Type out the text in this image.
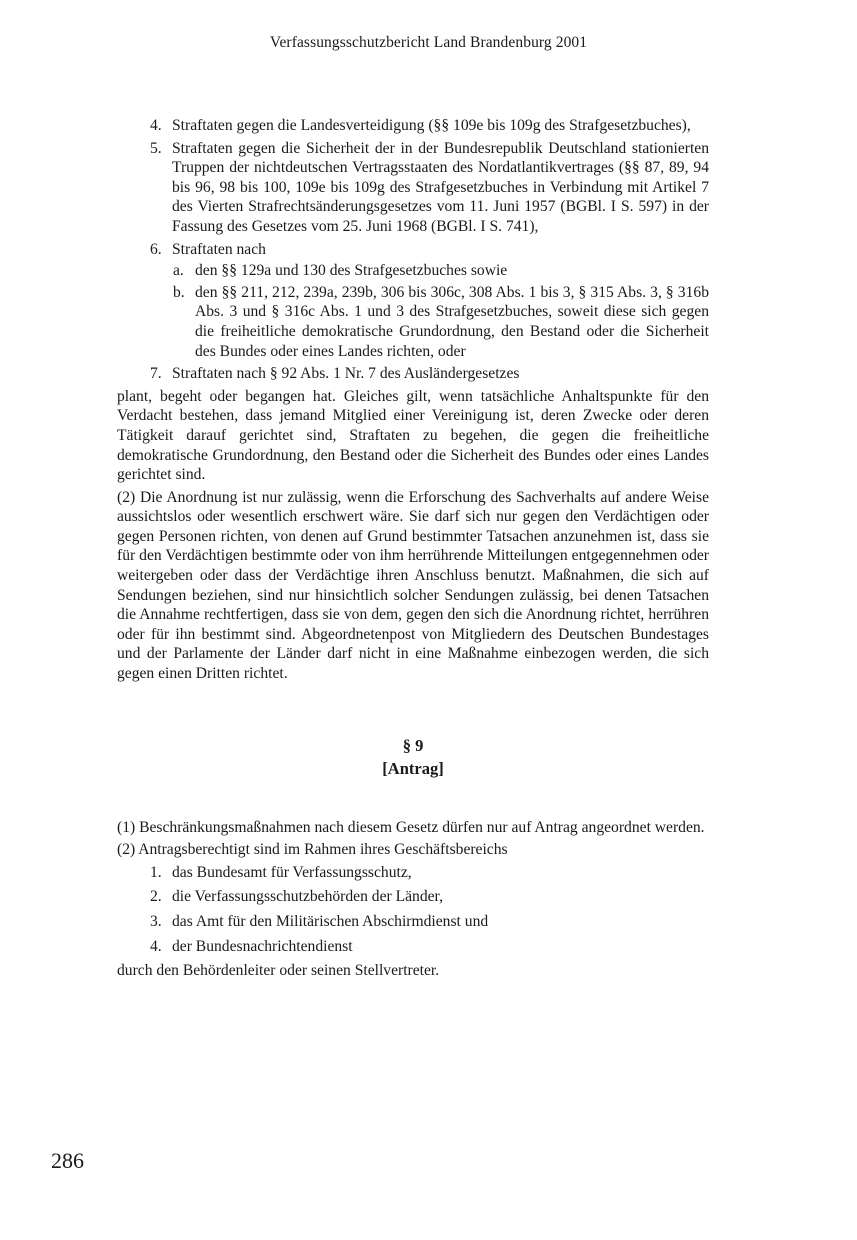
Verfassungsschutzbericht Land Brandenburg 2001
4. Straftaten gegen die Landesverteidigung (§§ 109e bis 109g des Strafgesetzbuches),
5. Straftaten gegen die Sicherheit der in der Bundesrepublik Deutschland stationierten Truppen der nichtdeutschen Vertragsstaaten des Nordatlantikvertrages (§§ 87, 89, 94 bis 96, 98 bis 100, 109e bis 109g des Strafgesetzbuches in Verbindung mit Artikel 7 des Vierten Strafrechtsänderungsgesetzes vom 11. Juni 1957 (BGBl. I S. 597) in der Fassung des Gesetzes vom 25. Juni 1968 (BGBl. I S. 741),
6. Straftaten nach
a. den §§ 129a und 130 des Strafgesetzbuches sowie
b. den §§ 211, 212, 239a, 239b, 306 bis 306c, 308 Abs. 1 bis 3, § 315 Abs. 3, § 316b Abs. 3 und § 316c Abs. 1 und 3 des Strafgesetzbuches, soweit diese sich gegen die freiheitliche demokratische Grundordnung, den Bestand oder die Sicherheit des Bundes oder eines Landes richten, oder
7. Straftaten nach § 92 Abs. 1 Nr. 7 des Ausländergesetzes

plant, begeht oder begangen hat. Gleiches gilt, wenn tatsächliche Anhaltspunkte für den Verdacht bestehen, dass jemand Mitglied einer Vereinigung ist, deren Zwecke oder deren Tätigkeit darauf gerichtet sind, Straftaten zu begehen, die gegen die freiheitliche demokratische Grundordnung, den Bestand oder die Sicherheit des Bundes oder eines Landes gerichtet sind.

(2) Die Anordnung ist nur zulässig, wenn die Erforschung des Sachverhalts auf andere Weise aussichtslos oder wesentlich erschwert wäre. Sie darf sich nur gegen den Verdächtigen oder gegen Personen richten, von denen auf Grund bestimmter Tatsachen anzunehmen ist, dass sie für den Verdächtigen bestimmte oder von ihm herrührende Mitteilungen entgegennehmen oder weitergeben oder dass der Verdächtige ihren Anschluss benutzt. Maßnahmen, die sich auf Sendungen beziehen, sind nur hinsichtlich solcher Sendungen zulässig, bei denen Tatsachen die Annahme rechtfertigen, dass sie von dem, gegen den sich die Anordnung richtet, herrühren oder für ihn bestimmt sind. Abgeordnetenpost von Mitgliedern des Deutschen Bundestages und der Parlamente der Länder darf nicht in eine Maßnahme einbezogen werden, die sich gegen einen Dritten richtet.

§ 9
[Antrag]

(1) Beschränkungsmaßnahmen nach diesem Gesetz dürfen nur auf Antrag angeordnet werden.

(2) Antragsberechtigt sind im Rahmen ihres Geschäftsbereichs

1. das Bundesamt für Verfassungsschutz,
2. die Verfassungsschutzbehörden der Länder,
3. das Amt für den Militärischen Abschirmdienst und
4. der Bundesnachrichtendienst

durch den Behördenleiter oder seinen Stellvertreter.

286
